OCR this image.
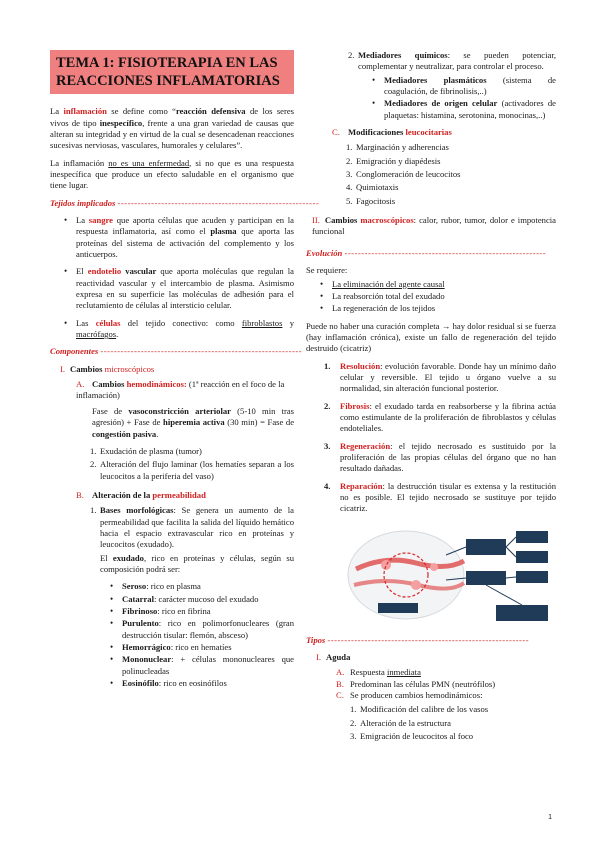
TEMA 1: FISIOTERAPIA EN LAS
REACCIONES INFLAMATORIAS

La inflamación se define como “reacción defensiva de los seres vivos de tipo inespecífico, frente a una gran variedad de causas que alteran su integridad y en virtud de la cual se desencadenan reacciones sucesivas nerviosas, vasculares, humorales y celulares”.

La inflamación no es una enfermedad, si no que es una respuesta inespecífica que produce un efecto saludable en el organismo que tiene lugar.

Tejidos implicados ------------------------------------------------------------
• La sangre que aporta células que acuden y participan en la respuesta inflamatoria, así como el plasma que aporta las proteínas del sistema de activación del complemento y los anticuerpos.
• El endotelio vascular que aporta moléculas que regulan la reactividad vascular y el intercambio de plasma. Asimismo expresa en su superficie las moléculas de adhesión para el reclutamiento de células al intersticio celular.
• Las células del tejido conectivo: como fibroblastos y macrófagos.
Componentes ------------------------------------------------------------
I. Cambios microscópicos
A. Cambios hemodinámicos: (1ª reacción en el foco de la inflamación)

Fase de vasoconstricción arteriolar (5-10 min tras agresión) + Fase de hiperemia activa (30 min) = Fase de congestión pasiva.

1. Exudación de plasma (tumor)
2. Alteración del flujo laminar (los hematíes separan a los leucocitos a la periferia del vaso)
B. Alteración de la permeabilidad
1. Bases morfológicas: Se genera un aumento de la permeabilidad que facilita la salida del líquido hemático hacia el espacio extravascular rico en proteínas y leucocitos (exudado).

El exudado, rico en proteínas y células, según su composición podrá ser:

• Seroso: rico en plasma
• Catarral: carácter mucoso del exudado
• Fibrinoso: rico en fibrina
• Purulento: rico en polimorfonucleares (gran destrucción tisular: flemón, absceso)
• Hemorrágico: rico en hematíes
• Mononuclear: + células mononucleares que polinucleadas
• Eosinófilo: rico en eosinófilos
2. Mediadores químicos: se pueden potenciar, complementar y neutralizar, para controlar el proceso.
• Mediadores plasmáticos (sistema de coagulación, de fibrinolisis,..)
• Mediadores de origen celular (activadores de plaquetas: histamina, serotonina, monocinas,..)
C. Modificaciones leucocitarias
1. Marginación y adherencias
2. Emigración y diapédesis
3. Conglomeración de leucocitos
4. Quimiotaxis
5. Fagocitosis

II. Cambios macroscópicos: calor, rubor, tumor, dolor e impotencia funcional

Evolución ------------------------------------------------------------
Se requiere:
• La eliminación del agente causal
• La reabsorción total del exudado
• La regeneración de los tejidos

Puede no haber una curación completa → hay dolor residual si se fuerza (hay inflamación crónica), existe un fallo de regeneración del tejido destruido (cicatriz)

1. Resolución: evolución favorable. Donde hay un mínimo daño celular y reversible. El tejido u órgano vuelve a su normalidad, sin alteración funcional posterior.
2. Fibrosis: el exudado tarda en reabsorberse y la fibrina actúa como estimulante de la proliferación de fibroblastos y células endoteliales.
3. Regeneración: el tejido necrosado es sustituido por la proliferación de las propias células del órgano que no han resultado dañadas.
4. Reparación: la destrucción tisular es extensa y la restitución no es posible. El tejido necrosado se sustituye por tejido cicatriz.
Tipos ------------------------------------------------------------
I. Aguda
A. Respuesta inmediata
B. Predominan las células PMN (neutrófilos)
C. Se producen cambios hemodinámicos:
1. Modificación del calibre de los vasos
2. Alteración de la estructura
3. Emigración de leucocitos al foco
1
